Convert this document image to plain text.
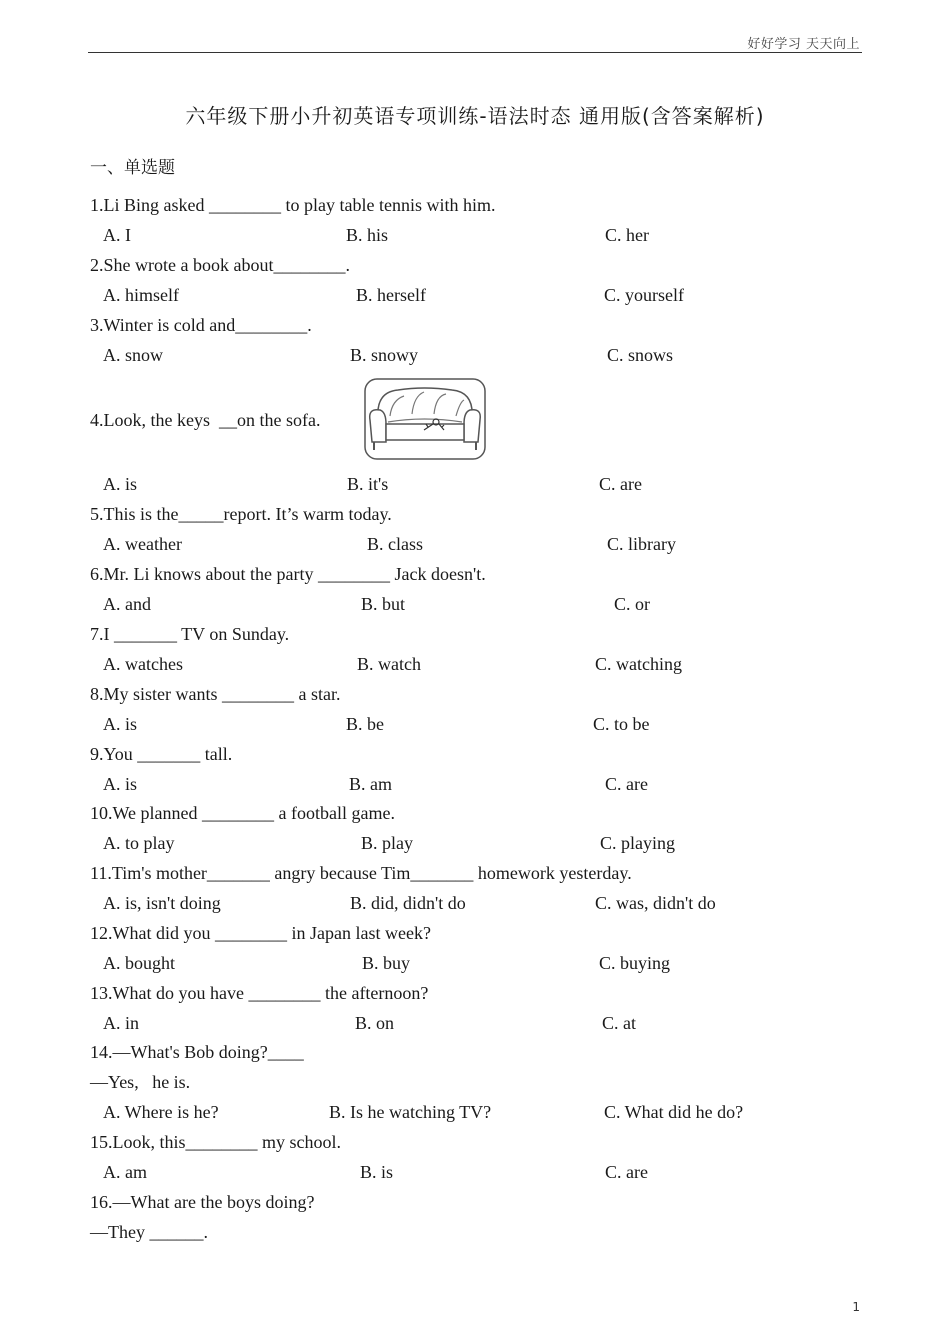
好好学习 天天向上
六年级下册小升初英语专项训练-语法时态 通用版(含答案解析)
一、单选题
1.Li Bing asked ________ to play table tennis with him.
A. I	B. his	C. her
2.She wrote a book about________.
A. himself	B. herself	C. yourself
3.Winter is cold and________.
A. snow	B. snowy	C. snows
4.Look, the keys  __on the sofa.
A. is	B. it's	C. are
5.This is the_____report. It’s warm today.
A. weather	B. class	C. library
6.Mr. Li knows about the party ________ Jack doesn't.
A. and	B. but	C. or
7.I _______ TV on Sunday.
A. watches	B. watch	C. watching
8.My sister wants ________ a star.
A. is	B. be	C. to be
9.You _______ tall.
A. is	B. am	C. are
10.We planned ________ a football game.
A. to play	B. play	C. playing
11.Tim's mother_______ angry because Tim_______ homework yesterday.
A. is, isn't doing	B. did, didn't do	C. was, didn't do
12.What did you ________ in Japan last week?
A. bought	B. buy	C. buying
13.What do you have ________ the afternoon?
A. in	B. on	C. at
14.—What's Bob doing?____
—Yes,   he is.
A. Where is he?	B. Is he watching TV?	C. What did he do?
15.Look, this________ my school.
A. am	B. is	C. are
16.—What are the boys doing?
—They ______.
1
